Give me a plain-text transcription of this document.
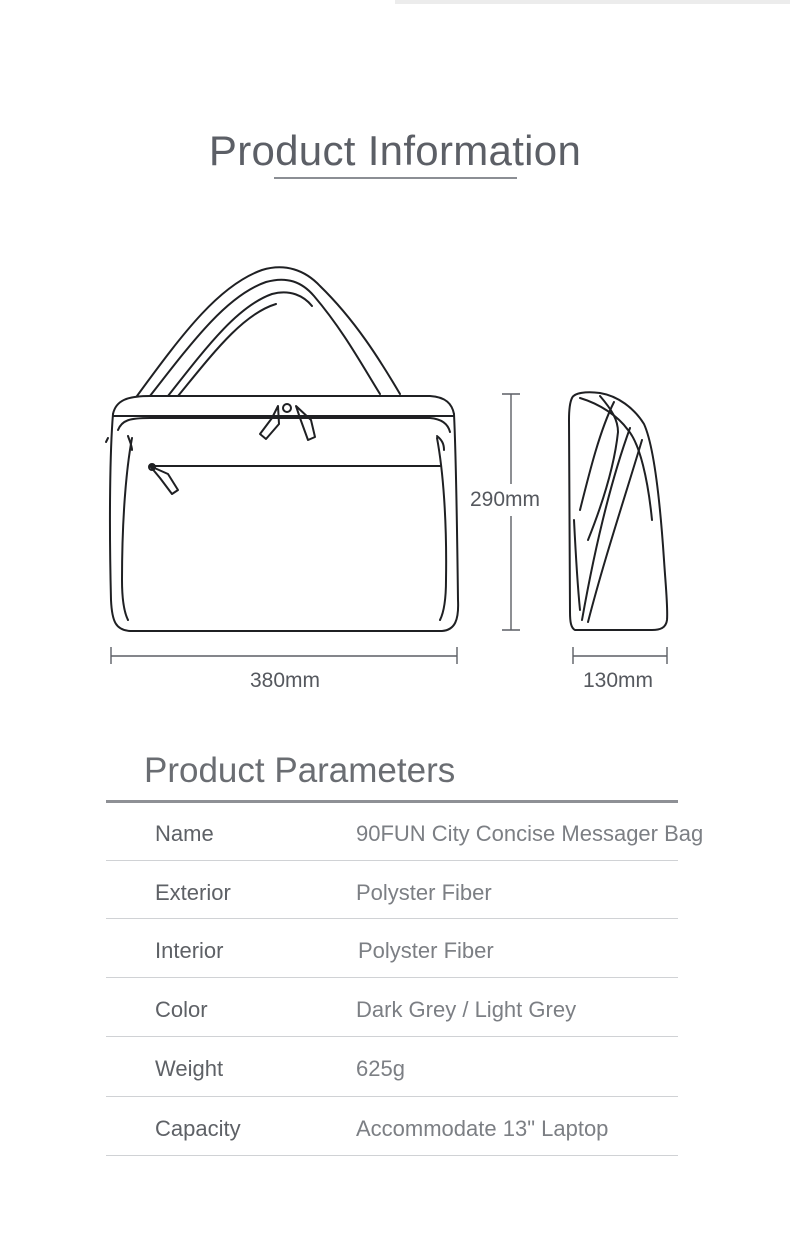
Product Information
290mm
380mm	130mm
Product Parameters
Name	90FUN City Concise Messager Bag
Exterior	Polyster Fiber
Interior	Polyster Fiber
Color	Dark Grey / Light Grey
Weight	625g
Capacity	Accommodate 13" Laptop
